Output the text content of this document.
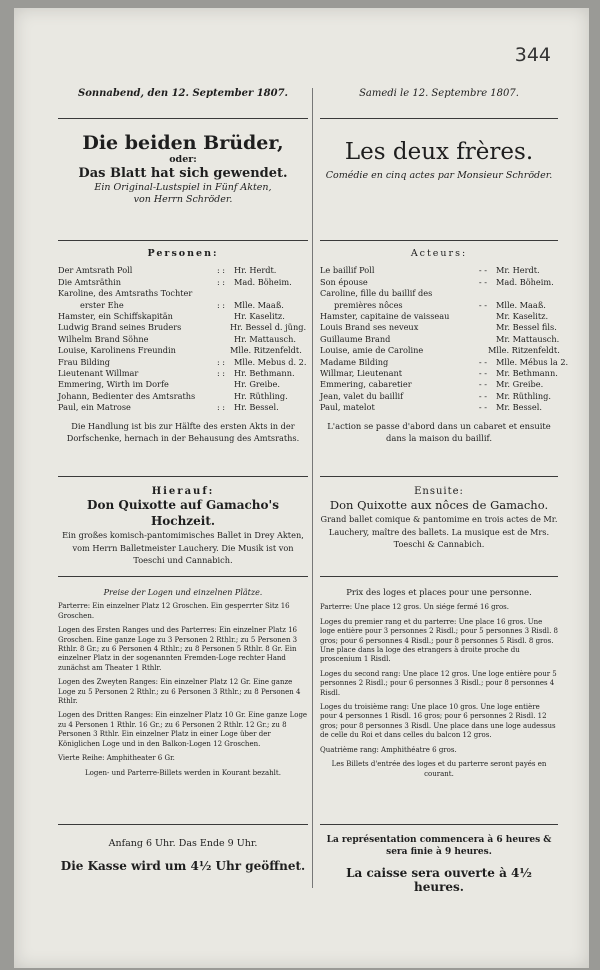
344
Sonnabend, den 12. September 1807.
Die beiden Brüder,
oder:
Das Blatt hat sich gewendet.
Ein Original-Lustspiel in Fünf Akten,
von Herrn Schröder.
Personen:
Der Amtsrath Poll	: :	Hr. Herdt.
Die Amtsräthin	: :	Mad. Böheim.
Karoline, des Amtsraths Tochter
erster Ehe	: :	Mlle. Maaß.
Hamster, ein Schiffskapitän	Hr. Kaselitz.
Ludwig Brand seines Bruders	Hr. Bessel d. jüng.
Wilhelm Brand Söhne	Hr. Mattausch.
Louise, Karolinens Freundin	Mlle. Ritzenfeldt.
Frau Bilding	: :	Mlle. Mebus d. 2.
Lieutenant Willmar	: :	Hr. Bethmann.
Emmering, Wirth im Dorfe	Hr. Greibe.
Johann, Bedienter des Amtsraths	Hr. Rüthling.
Paul, ein Matrose	: :	Hr. Bessel.
Die Handlung ist bis zur Hälfte des ersten Akts in der Dorfschenke, hernach in der Behausung des Amtsraths.
Hierauf:
Don Quixotte auf Gamacho's Hochzeit.
Ein großes komisch-pantomimisches Ballet in Drey Akten, vom Herrn Balletmeister Lauchery. Die Musik ist von Toeschi und Cannabich.
Preise der Logen und einzelnen Plätze.
Parterre: Ein einzelner Platz 12 Groschen. Ein gesperrter Sitz 16 Groschen.
Logen des Ersten Ranges und des Parterres: Ein einzelner Platz 16 Groschen. Eine ganze Loge zu 3 Personen 2 Rthlr.; zu 5 Personen 3 Rthlr. 8 Gr.; zu 6 Personen 4 Rthlr.; zu 8 Personen 5 Rthlr. 8 Gr. Ein einzelner Platz in der sogenannten Fremden-Loge rechter Hand zunächst am Theater 1 Rthlr.
Logen des Zweyten Ranges: Ein einzelner Platz 12 Gr. Eine ganze Loge zu 5 Personen 2 Rthlr.; zu 6 Personen 3 Rthlr.; zu 8 Personen 4 Rthlr.
Logen des Dritten Ranges: Ein einzelner Platz 10 Gr. Eine ganze Loge zu 4 Personen 1 Rthlr. 16 Gr.; zu 6 Personen 2 Rthlr. 12 Gr.; zu 8 Personen 3 Rthlr. Ein einzelner Platz in einer Loge über der Königlichen Loge und in den Balkon-Logen 12 Groschen.
Vierte Reihe: Amphitheater 6 Gr.
Logen- und Parterre-Billets werden in Kourant bezahlt.
Anfang 6 Uhr. Das Ende 9 Uhr.
Die Kasse wird um 4½ Uhr geöffnet.
Samedi le 12. Septembre 1807.
Les deux frères.
Comédie en cinq actes par Monsieur Schröder.
Acteurs:
Le baillif Poll	- -	Mr. Herdt.
Son épouse	- -	Mad. Böheim.
Caroline, fille du baillif des
premières nôces	- -	Mlle. Maaß.
Hamster, capitaine de vaisseau	Mr. Kaselitz.
Louis Brand ses neveux	Mr. Bessel fils.
Guillaume Brand	Mr. Mattausch.
Louise, amie de Caroline	Mlle. Ritzenfeldt.
Madame Bilding	- -	Mlle. Mébus la 2.
Willmar, Lieutenant	- -	Mr. Bethmann.
Emmering, cabaretier	- -	Mr. Greibe.
Jean, valet du baillif	- -	Mr. Rüthling.
Paul, matelot	- -	Mr. Bessel.
L'action se passe d'abord dans un cabaret et ensuite dans la maison du baillif.
Ensuite:
Don Quixotte aux nôces de Gamacho.
Grand ballet comique & pantomime en trois actes de Mr. Lauchery, maître des ballets. La musique est de Mrs. Toeschi & Cannabich.
Prix des loges et places pour une personne.
Parterre: Une place 12 gros. Un siége fermé 16 gros.
Loges du premier rang et du parterre: Une place 16 gros. Une loge entière pour 3 personnes 2 Risdl.; pour 5 personnes 3 Risdl. 8 gros; pour 6 personnes 4 Risdl.; pour 8 personnes 5 Risdl. 8 gros. Une place dans la loge des etrangers à droite proche du proscenium 1 Risdl.
Loges du second rang: Une place 12 gros. Une loge entière pour 5 personnes 2 Risdl.; pour 6 personnes 3 Risdl.; pour 8 personnes 4 Risdl.
Loges du troisième rang: Une place 10 gros. Une loge entière pour 4 personnes 1 Risdl. 16 gros; pour 6 personnes 2 Risdl. 12 gros; pour 8 personnes 3 Risdl. Une place dans une loge audessus de celle du Roi et dans celles du balcon 12 gros.
Quatrième rang: Amphithéatre 6 gros.
Les Billets d'entrée des loges et du parterre seront payés en courant.
La représentation commencera à 6 heures & sera finie à 9 heures.
La caisse sera ouverte à 4½ heures.
